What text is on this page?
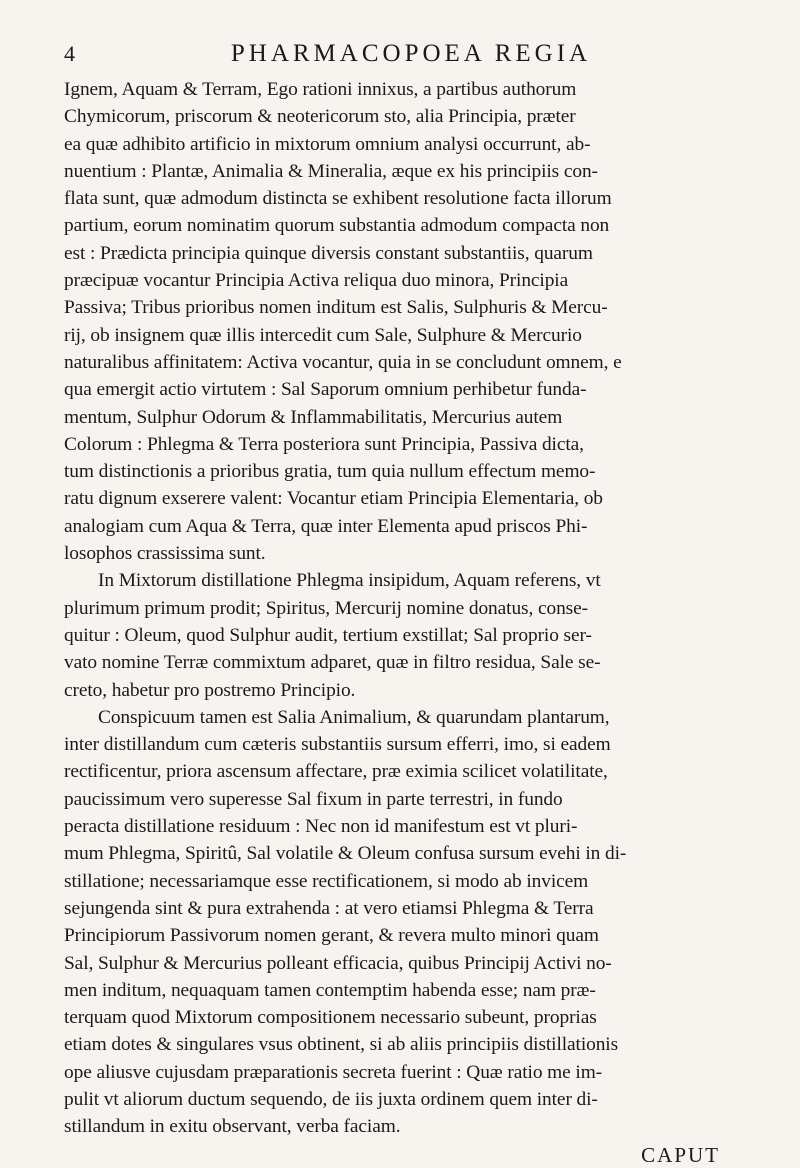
4	PHARMACOPOEA REGIA
Ignem, Aquam & Terram, Ego rationi innixus, a partibus authorum
Chymicorum, priscorum & neotericorum sto, alia Principia, præter
ea quæ adhibito artificio in mixtorum omnium analysi occurrunt, ab-
nuentium : Plantæ, Animalia & Mineralia, æque ex his principiis con-
flata sunt, quæ admodum distincta se exhibent resolutione facta illorum
partium, eorum nominatim quorum substantia admodum compacta non
est : Prædicta principia quinque diversis constant substantiis, quarum
præcipuæ vocantur Principia Activa reliqua duo minora, Principia
Passiva; Tribus prioribus nomen inditum est Salis, Sulphuris & Mercu-
rij, ob insignem quæ illis intercedit cum Sale, Sulphure & Mercurio
naturalibus affinitatem: Activa vocantur, quia in se concludunt omnem, e
qua emergit actio virtutem : Sal Saporum omnium perhibetur funda-
mentum, Sulphur Odorum & Inflammabilitatis, Mercurius autem
Colorum : Phlegma & Terra posteriora sunt Principia, Passiva dicta,
tum distinctionis a prioribus gratia, tum quia nullum effectum memo-
ratu dignum exserere valent: Vocantur etiam Principia Elementaria, ob
analogiam cum Aqua & Terra, quæ inter Elementa apud priscos Phi-
losophos crassissima sunt.
In Mixtorum distillatione Phlegma insipidum, Aquam referens, vt
plurimum primum prodit; Spiritus, Mercurij nomine donatus, conse-
quitur : Oleum, quod Sulphur audit, tertium exstillat; Sal proprio ser-
vato nomine Terræ commixtum adparet, quæ in filtro residua, Sale se-
creto, habetur pro postremo Principio.
Conspicuum tamen est Salia Animalium, & quarundam plantarum,
inter distillandum cum cæteris substantiis sursum efferri, imo, si eadem
rectificentur, priora ascensum affectare, præ eximia scilicet volatilitate,
paucissimum vero superesse Sal fixum in parte terrestri, in fundo
peracta distillatione residuum : Nec non id manifestum est vt pluri-
mum Phlegma, Spiritû, Sal volatile & Oleum confusa sursum evehi in di-
stillatione; necessariamque esse rectificationem, si modo ab invicem
sejungenda sint & pura extrahenda : at vero etiamsi Phlegma & Terra
Principiorum Passivorum nomen gerant, & revera multo minori quam
Sal, Sulphur & Mercurius polleant efficacia, quibus Principij Activi no-
men inditum, nequaquam tamen contemptim habenda esse; nam præ-
terquam quod Mixtorum compositionem necessario subeunt, proprias
etiam dotes & singulares vsus obtinent, si ab aliis principiis distillationis
ope aliusve cujusdam præparationis secreta fuerint : Quæ ratio me im-
pulit vt aliorum ductum sequendo, de iis juxta ordinem quem inter di-
stillandum in exitu observant, verba faciam.
CAPUT
